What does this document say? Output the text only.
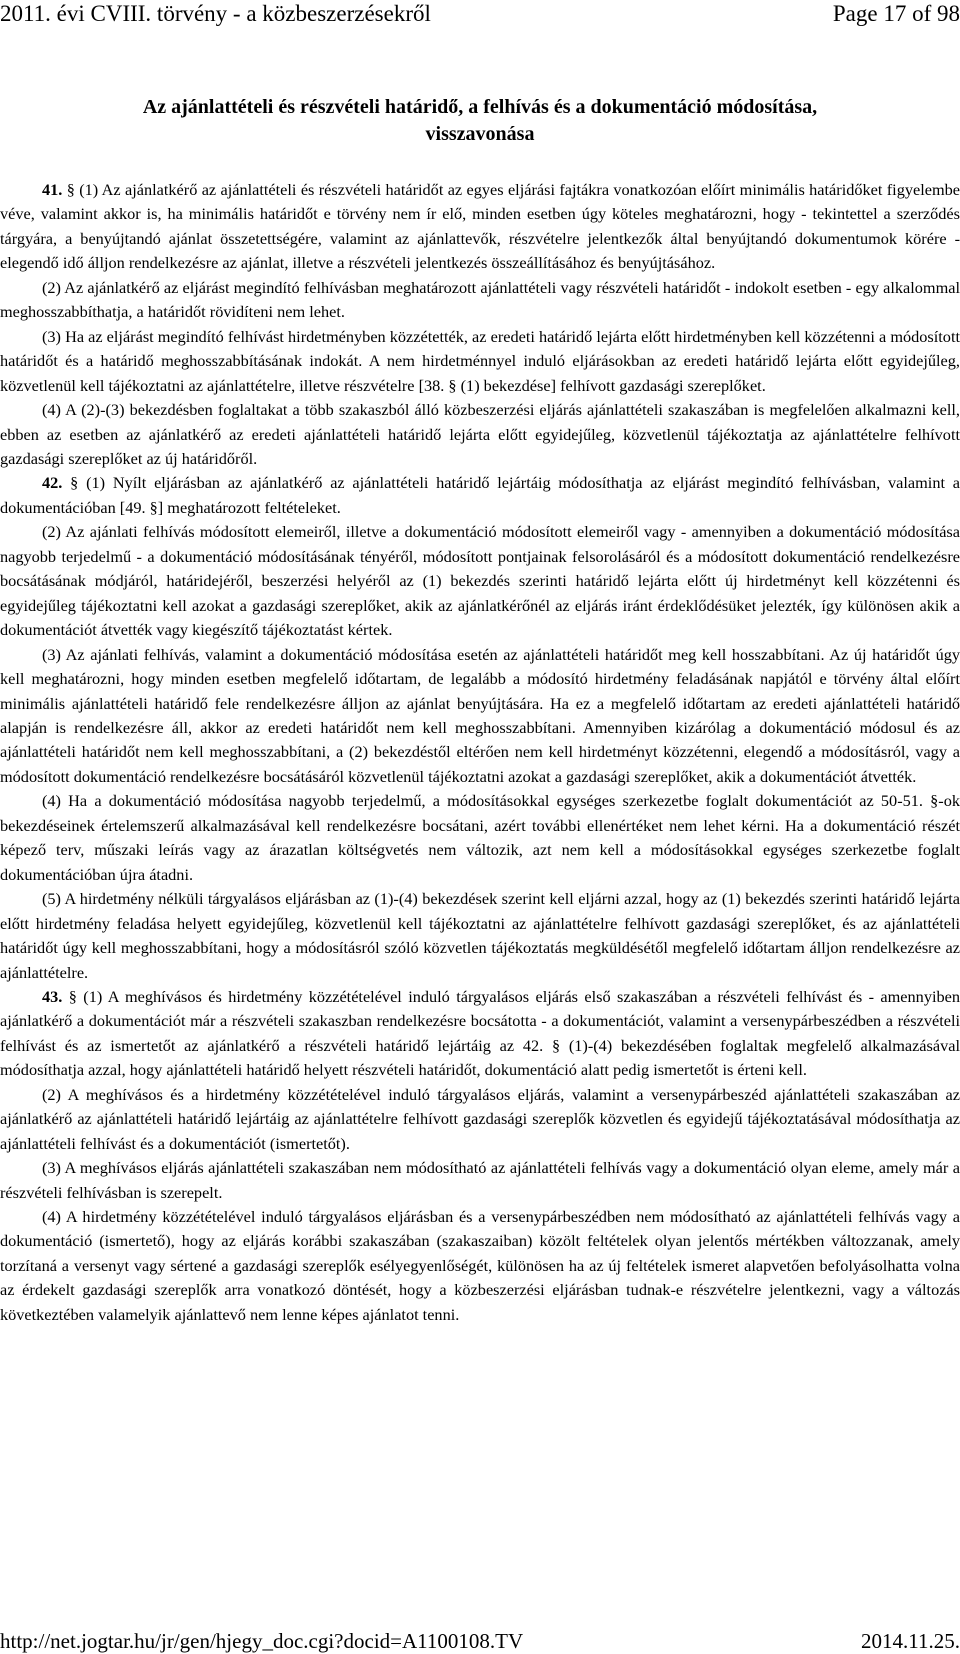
2011. évi CVIII. törvény - a közbeszerzésekről	Page 17 of 98
Az ajánlattételi és részvételi határidő, a felhívás és a dokumentáció módosítása,
visszavonása

41. § (1) Az ajánlatkérő az ajánlattételi és részvételi határidőt az egyes eljárási fajtákra vonatkozóan előírt minimális határidőket figyelembe véve, valamint akkor is, ha minimális határidőt e törvény nem ír elő, minden esetben úgy köteles meghatározni, hogy - tekintettel a szerződés tárgyára, a benyújtandó ajánlat összetettségére, valamint az ajánlattevők, részvételre jelentkezők által benyújtandó dokumentumok körére - elegendő idő álljon rendelkezésre az ajánlat, illetve a részvételi jelentkezés összeállításához és benyújtásához.

(2) Az ajánlatkérő az eljárást megindító felhívásban meghatározott ajánlattételi vagy részvételi határidőt - indokolt esetben - egy alkalommal meghosszabbíthatja, a határidőt rövidíteni nem lehet.

(3) Ha az eljárást megindító felhívást hirdetményben közzétették, az eredeti határidő lejárta előtt hirdetményben kell közzétenni a módosított határidőt és a határidő meghosszabbításának indokát. A nem hirdetménnyel induló eljárásokban az eredeti határidő lejárta előtt egyidejűleg, közvetlenül kell tájékoztatni az ajánlattételre, illetve részvételre [38. § (1) bekezdése] felhívott gazdasági szereplőket.

(4) A (2)-(3) bekezdésben foglaltakat a több szakaszból álló közbeszerzési eljárás ajánlattételi szakaszában is megfelelően alkalmazni kell, ebben az esetben az ajánlatkérő az eredeti ajánlattételi határidő lejárta előtt egyidejűleg, közvetlenül tájékoztatja az ajánlattételre felhívott gazdasági szereplőket az új határidőről.

42. § (1) Nyílt eljárásban az ajánlatkérő az ajánlattételi határidő lejártáig módosíthatja az eljárást megindító felhívásban, valamint a dokumentációban [49. §] meghatározott feltételeket.

(2) Az ajánlati felhívás módosított elemeiről, illetve a dokumentáció módosított elemeiről vagy - amennyiben a dokumentáció módosítása nagyobb terjedelmű - a dokumentáció módosításának tényéről, módosított pontjainak felsorolásáról és a módosított dokumentáció rendelkezésre bocsátásának módjáról, határidejéről, beszerzési helyéről az (1) bekezdés szerinti határidő lejárta előtt új hirdetményt kell közzétenni és egyidejűleg tájékoztatni kell azokat a gazdasági szereplőket, akik az ajánlatkérőnél az eljárás iránt érdeklődésüket jelezték, így különösen akik a dokumentációt átvették vagy kiegészítő tájékoztatást kértek.

(3) Az ajánlati felhívás, valamint a dokumentáció módosítása esetén az ajánlattételi határidőt meg kell hosszabbítani. Az új határidőt úgy kell meghatározni, hogy minden esetben megfelelő időtartam, de legalább a módosító hirdetmény feladásának napjától e törvény által előírt minimális ajánlattételi határidő fele rendelkezésre álljon az ajánlat benyújtására. Ha ez a megfelelő időtartam az eredeti ajánlattételi határidő alapján is rendelkezésre áll, akkor az eredeti határidőt nem kell meghosszabbítani. Amennyiben kizárólag a dokumentáció módosul és az ajánlattételi határidőt nem kell meghosszabbítani, a (2) bekezdéstől eltérően nem kell hirdetményt közzétenni, elegendő a módosításról, vagy a módosított dokumentáció rendelkezésre bocsátásáról közvetlenül tájékoztatni azokat a gazdasági szereplőket, akik a dokumentációt átvették.

(4) Ha a dokumentáció módosítása nagyobb terjedelmű, a módosításokkal egységes szerkezetbe foglalt dokumentációt az 50-51. §-ok bekezdéseinek értelemszerű alkalmazásával kell rendelkezésre bocsátani, azért további ellenértéket nem lehet kérni. Ha a dokumentáció részét képező terv, műszaki leírás vagy az árazatlan költségvetés nem változik, azt nem kell a módosításokkal egységes szerkezetbe foglalt dokumentációban újra átadni.

(5) A hirdetmény nélküli tárgyalásos eljárásban az (1)-(4) bekezdések szerint kell eljárni azzal, hogy az (1) bekezdés szerinti határidő lejárta előtt hirdetmény feladása helyett egyidejűleg, közvetlenül kell tájékoztatni az ajánlattételre felhívott gazdasági szereplőket, és az ajánlattételi határidőt úgy kell meghosszabbítani, hogy a módosításról szóló közvetlen tájékoztatás megküldésétől megfelelő időtartam álljon rendelkezésre az ajánlattételre.

43. § (1) A meghívásos és hirdetmény közzétételével induló tárgyalásos eljárás első szakaszában a részvételi felhívást és - amennyiben ajánlatkérő a dokumentációt már a részvételi szakaszban rendelkezésre bocsátotta - a dokumentációt, valamint a versenypárbeszédben a részvételi felhívást és az ismertetőt az ajánlatkérő a részvételi határidő lejártáig az 42. § (1)-(4) bekezdésében foglaltak megfelelő alkalmazásával módosíthatja azzal, hogy ajánlattételi határidő helyett részvételi határidőt, dokumentáció alatt pedig ismertetőt is érteni kell.

(2) A meghívásos és a hirdetmény közzétételével induló tárgyalásos eljárás, valamint a versenypárbeszéd ajánlattételi szakaszában az ajánlatkérő az ajánlattételi határidő lejártáig az ajánlattételre felhívott gazdasági szereplők közvetlen és egyidejű tájékoztatásával módosíthatja az ajánlattételi felhívást és a dokumentációt (ismertetőt).

(3) A meghívásos eljárás ajánlattételi szakaszában nem módosítható az ajánlattételi felhívás vagy a dokumentáció olyan eleme, amely már a részvételi felhívásban is szerepelt.

(4) A hirdetmény közzétételével induló tárgyalásos eljárásban és a versenypárbeszédben nem módosítható az ajánlattételi felhívás vagy a dokumentáció (ismertető), hogy az eljárás korábbi szakaszában (szakaszaiban) közölt feltételek olyan jelentős mértékben változzanak, amely torzítaná a versenyt vagy sértené a gazdasági szereplők esélyegyenlőségét, különösen ha az új feltételek ismeret alapvetően befolyásolhatta volna az érdekelt gazdasági szereplők arra vonatkozó döntését, hogy a közbeszerzési eljárásban tudnak-e részvételre jelentkezni, vagy a változás következtében valamelyik ajánlattevő nem lenne képes ajánlatot tenni.

http://net.jogtar.hu/jr/gen/hjegy_doc.cgi?docid=A1100108.TV	2014.11.25.
